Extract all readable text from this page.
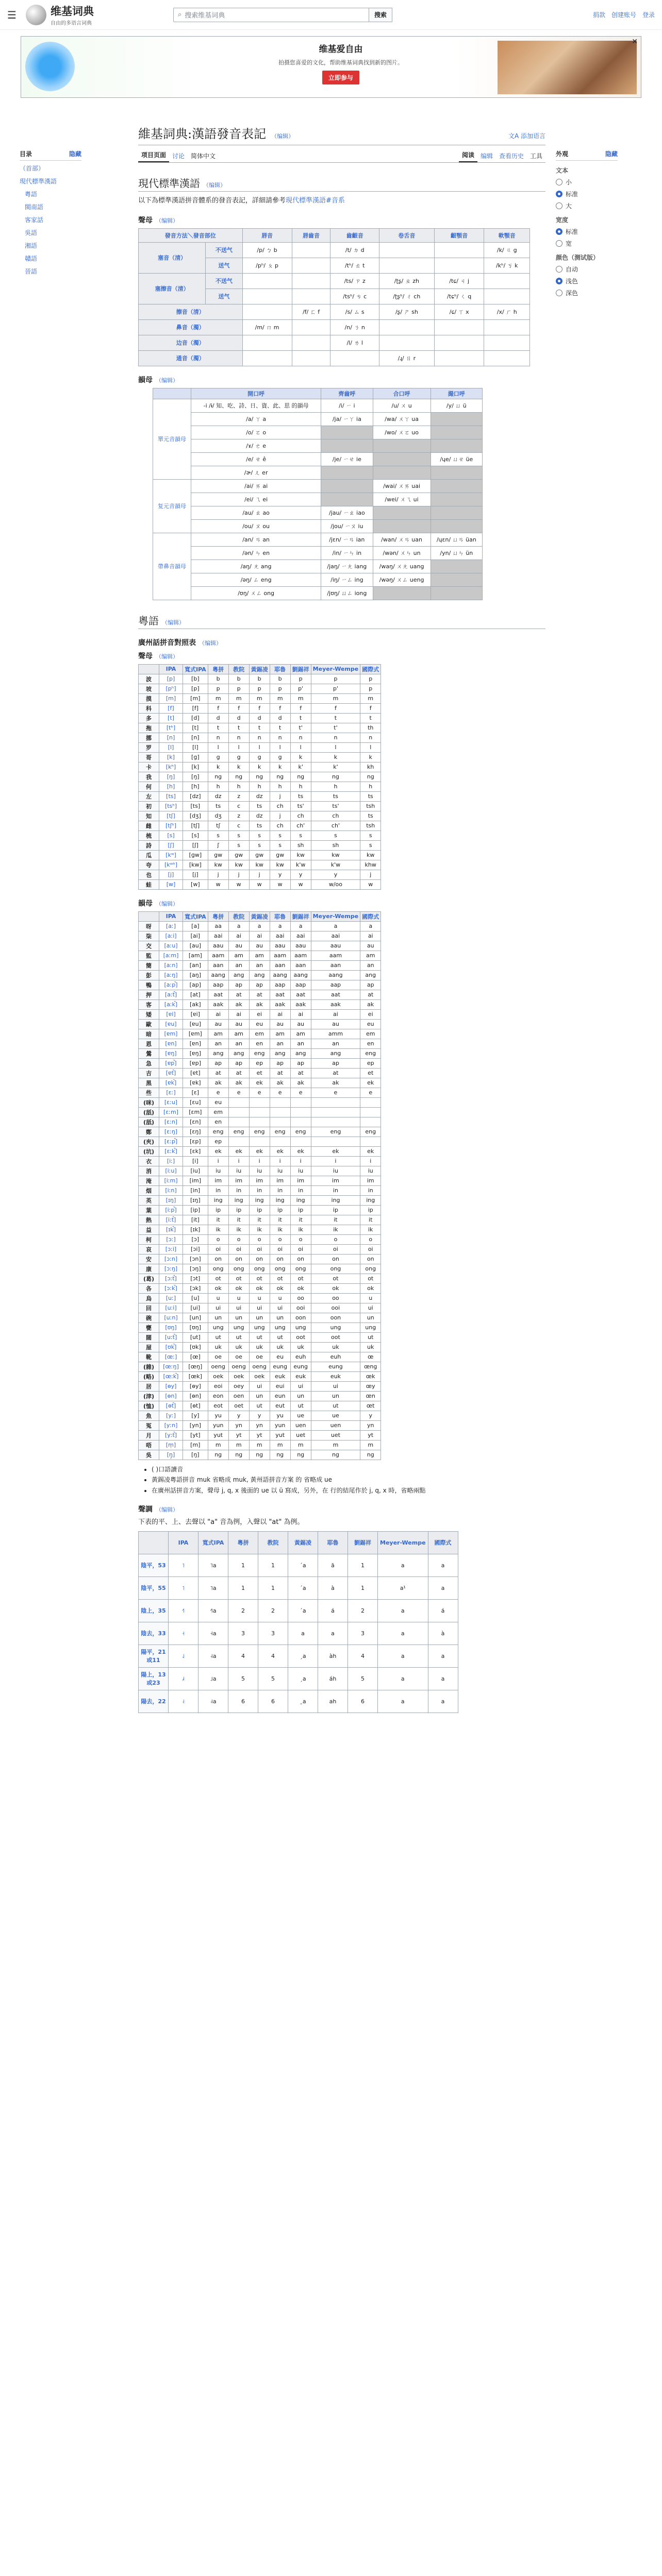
☰	维基词典
自由的多语言词典
⌕ 搜索维基词典	搜索	捐款 创建账号 登录
维基爱自由
拍摄您喜爱的文化，帮助维基词典找到新的图片。
立即参与
✕
目录	隐藏
（首部）
現代標準漢語
粵語
閩南語
客家話
吳語
湘語
贛語
晉語
外观	隐藏
文本
小
标准
大
宽度
标准
宽
颜色（测试版）
自动
浅色
深色
維基詞典:漢語發音表記 （编辑）	文A 添加语言
项目页面	讨论	简体中文	阅读	编辑	查看历史	工具
現代標準漢語 （编辑）

以下為標準漢語拼音體系的發音表記，詳細請參考現代標準漢語#音系

聲母 （编辑）
發音方法＼發音部位		唇音	唇齒音	齒齦音	卷舌音	齦顎音	軟顎音
塞音（清）	不送气	/p/ ㄅ b		/t/ ㄉ d			/k/ ㄍ g
	送气	/pʰ/ ㄆ p		/tʰ/ ㄊ t			/kʰ/ ㄎ k
塞擦音（清）	不送气			/ts/ ㄗ z	/ʈʂ/ ㄓ zh	/tɕ/ ㄐ j	
	送气			/tsʰ/ ㄘ c	/ʈʂʰ/ ㄔ ch	/tɕʰ/ ㄑ q	
擦音（清）			/f/ ㄈ f	/s/ ㄙ s	/ʂ/ ㄕ sh	/ɕ/ ㄒ x	/x/ ㄏ h
鼻音（濁）		/m/ ㄇ m		/n/ ㄋ n			
边音（濁）				/l/ ㄌ l			
通音（濁）					/ɻ/ ㄖ r		
韻母 （编辑）
	開口呼	齊齒呼	合口呼	撮口呼
單元音韻母	-i /ɨ/ 知、吃、詩、日、資、此、思 的韻母	/i/ ㄧ i	/u/ ㄨ u	/y/ ㄩ ü
	/a/ ㄚ a	/ja/ ㄧㄚ ia	/wa/ ㄨㄚ ua	
	/o/ ㄛ o		/wo/ ㄨㄛ uo	
	/ɤ/ ㄜ e			
	/e/ ㄝ ê	/je/ ㄧㄝ ie		/ɥe/ ㄩㄝ üe
	/ɚ/ ㄦ er			
复元音韻母	/ai/ ㄞ ai		/wai/ ㄨㄞ uai	
	/ei/ ㄟ ei		/wei/ ㄨㄟ ui	
	/au/ ㄠ ao	/jau/ ㄧㄠ iao		
	/ou/ ㄡ ou	/jou/ ㄧㄡ iu		
帶鼻音韻母	/an/ ㄢ an	/jɛn/ ㄧㄢ ian	/wan/ ㄨㄢ uan	/ɥɛn/ ㄩㄢ üan
	/ən/ ㄣ en	/in/ ㄧㄣ in	/wən/ ㄨㄣ un	/yn/ ㄩㄣ ün
	/aŋ/ ㄤ ang	/jaŋ/ ㄧㄤ iang	/waŋ/ ㄨㄤ uang	
	/əŋ/ ㄥ eng	/iŋ/ ㄧㄥ ing	/wəŋ/ ㄨㄥ ueng	
	/ʊŋ/ ㄨㄥ ong	/jʊŋ/ ㄩㄥ iong		
粵語 （编辑）
廣州話拼音對照表 （编辑）
聲母 （编辑）
	IPA	寬式IPA	粵拼	教院	黃錫凌	耶魯	劉錫祥	Meyer-Wempe	國際式
波	[p]	[b]	b	b	b	b	p	p	p
坡	[pʰ]	[p]	p	p	p	p	p'	p'	p
摸	[m]	[m]	m	m	m	m	m	m	m
科	[f]	[f]	f	f	f	f	f	f	f
多	[t]	[d]	d	d	d	d	t	t	t
拖	[tʰ]	[t]	t	t	t	t	t'	t'	th
挪	[n]	[n]	n	n	n	n	n	n	n
罗	[l]	[l]	l	l	l	l	l	l	l
哥	[k]	[ɡ]	g	g	g	g	k	k	k
卡	[kʰ]	[k]	k	k	k	k	k'	k'	kh
我	[ŋ]	[ŋ]	ng	ng	ng	ng	ng	ng	ng
何	[h]	[h]	h	h	h	h	h	h	h
左	[ts]	[dz]	dz	z	dz	j	ts	ts	ts
初	[tsʰ]	[ts]	ts	c	ts	ch	ts'	ts'	tsh
知	[tʃ]	[dʒ]	dʒ	z	dz	j	ch	ch	ts
雌	[tʃʰ]	[tʃ]	tʃ	c	ts	ch	ch'	ch'	tsh
梳	[s]	[s]	s	s	s	s	s	s	s
詩	[ʃ]	[ʃ]	ʃ	s	s	s	sh	sh	s
瓜	[kʷ]	[ɡw]	gw	gw	gw	gw	kw	kw	kw
夸	[kʷʰ]	[kw]	kw	kw	kw	kw	k'w	k'w	khw
也	[j]	[j]	j	j	j	y	y	y	j
蛙	[w]	[w]	w	w	w	w	w	w/oo	w
韻母 （编辑）
	IPA	寬式IPA	粵拼	教院	黃錫凌	耶魯	劉錫祥	Meyer-Wempe	國際式
呀	[aː]	[a]	aa	a	a	a	a	a	a
柒	[aːi]	[ai]	aai	ai	ai	aai	aai	aai	ai
交	[aːu]	[au]	aau	au	au	aau	aau	aau	au
監	[aːm]	[am]	aam	am	am	aam	aam	aam	am
簡	[aːn]	[an]	aan	an	an	aan	aan	aan	an
彭	[aːŋ]	[aŋ]	aang	ang	ang	aang	aang	aang	ang
鴨	[aːp̚]	[ap]	aap	ap	ap	aap	aap	aap	ap
押	[aːt̚]	[at]	aat	at	at	aat	aat	aat	at
客	[aːk̚]	[ak]	aak	ak	ak	aak	aak	aak	ak
矮	[ɐi]	[ɐi]	ai	ai	ei	ai	ai	ai	ei
歐	[ɐu]	[ɐu]	au	au	eu	au	au	au	eu
暗	[ɐm]	[ɐm]	am	am	em	am	am	amm	em
恩	[ɐn]	[ɐn]	an	an	en	an	an	an	en
鶯	[ɐŋ]	[ɐŋ]	ang	ang	eng	ang	ang	ang	eng
急	[ɐp̚]	[ɐp]	ap	ap	ep	ap	ap	ap	ep
吉	[ɐt̚]	[ɐt]	at	at	et	at	at	at	et
黑	[ɐk̚]	[ɐk]	ak	ak	ek	ak	ak	ak	ek
些	[ɛː]	[ɛ]	e	e	e	e	e	e	e
(咪)	[ɛːu]	[ɛu]	eu						
(舐)	[ɛːm]	[ɛm]	em						
(舐)	[ɛːn]	[ɛn]	en						
鄭	[ɛːŋ]	[ɛŋ]	eng	eng	eng	eng	eng	eng	eng
(夾)	[ɛːp̚]	[ɛp]	ep						
(坑)	[ɛːk̚]	[ɛk]	ek	ek	ek	ek	ek	ek	ek
衣	[iː]	[i]	i	i	i	i	i	i	i
消	[iːu]	[iu]	iu	iu	iu	iu	iu	iu	iu
淹	[iːm]	[im]	im	im	im	im	im	im	im
烟	[iːn]	[in]	in	in	in	in	in	in	in
英	[ɪŋ]	[ɪŋ]	ing	ing	ing	ing	ing	ing	ing
葉	[iːp̚]	[ip]	ip	ip	ip	ip	ip	ip	ip
熱	[iːt̚]	[it]	it	it	it	it	it	it	it
益	[ɪk̚]	[ɪk]	ik	ik	ik	ik	ik	ik	ik
柯	[ɔː]	[ɔ]	o	o	o	o	o	o	o
哀	[ɔːi]	[ɔi]	oi	oi	oi	oi	oi	oi	oi
安	[ɔːn]	[ɔn]	on	on	on	on	on	on	on
康	[ɔːŋ]	[ɔŋ]	ong	ong	ong	ong	ong	ong	ong
(葛)	[ɔːt̚]	[ɔt]	ot	ot	ot	ot	ot	ot	ot
各	[ɔːk̚]	[ɔk]	ok	ok	ok	ok	ok	ok	ok
烏	[uː]	[u]	u	u	u	u	oo	oo	u
回	[uːi]	[ui]	ui	ui	ui	ui	ooi	ooi	ui
碗	[uːn]	[un]	un	un	un	un	oon	oon	un
甕	[ʊŋ]	[ʊŋ]	ung	ung	ung	ung	ung	ung	ung
闊	[uːt̚]	[ut]	ut	ut	ut	ut	oot	oot	ut
屋	[ʊk̚]	[ʊk]	uk	uk	uk	uk	uk	uk	uk
靴	[œː]	[œ]	oe	oe	oe	eu	euh	euh	œ
(雜)	[œːŋ]	[œŋ]	oeng	oeng	oeng	eung	eung	eung	œng
(略)	[œːk̚]	[œk]	oek	oek	oek	euk	euk	euk	œk
居	[ɵy]	[ɵy]	eoi	oey	ui	eui	ui	ui	œy
(津)	[ɵn]	[ɵn]	eon	oen	un	eun	un	un	œn
(恤)	[ɵt̚]	[ɵt]	eot	oet	ut	eut	ut	ut	œt
魚	[yː]	[y]	yu	y	y	yu	ue	ue	y
冤	[yːn]	[yn]	yun	yn	yn	yun	uen	uen	yn
月	[yːt̚]	[yt]	yut	yt	yt	yut	uet	uet	yt
唔	[m̩]	[m]	m	m	m	m	m	m	m
吳	[ŋ̩]	[ŋ]	ng	ng	ng	ng	ng	ng	ng
• ( )口語讀音
• 黃錫凌粵語拼音 muk 省略成 muk, 黃州語拼音方案 的 省略成 ue
• 在廣州話拼音方案，聲母 j, q, x 後面的 ue 以 ü 寫成，另外，在 行的結尾作於 j, q, x 時，省略兩點
聲調 （编辑）

下表的平、上、去聲以 "a" 音為例，入聲以 "at" 為例。

	IPA	寬式IPA	粵拼	教院	黃錫凌	耶魯	劉錫祥	Meyer-Wempe	國際式
陰平，53	˥	˥a	1	1	ˊa	ā	1	a	a
陰平，55	˥	˥a	1	1	ˊa	à	1	a¹	a
陰上，35	˧˥	˧˥a	2	2	ˊa	á	2	a	á
陰去，33	˧	˧a	3	3	a	a	3	a	à
陽平，21或11	˨˩	˨a	4	4	ˏa	àh	4	a	a
陽上，13或23	˩˧	˩a	5	5	ˏa	áh	5	a	a
陽去，22	˨	˨a	6	6	ˍa	ah	6	a	a
